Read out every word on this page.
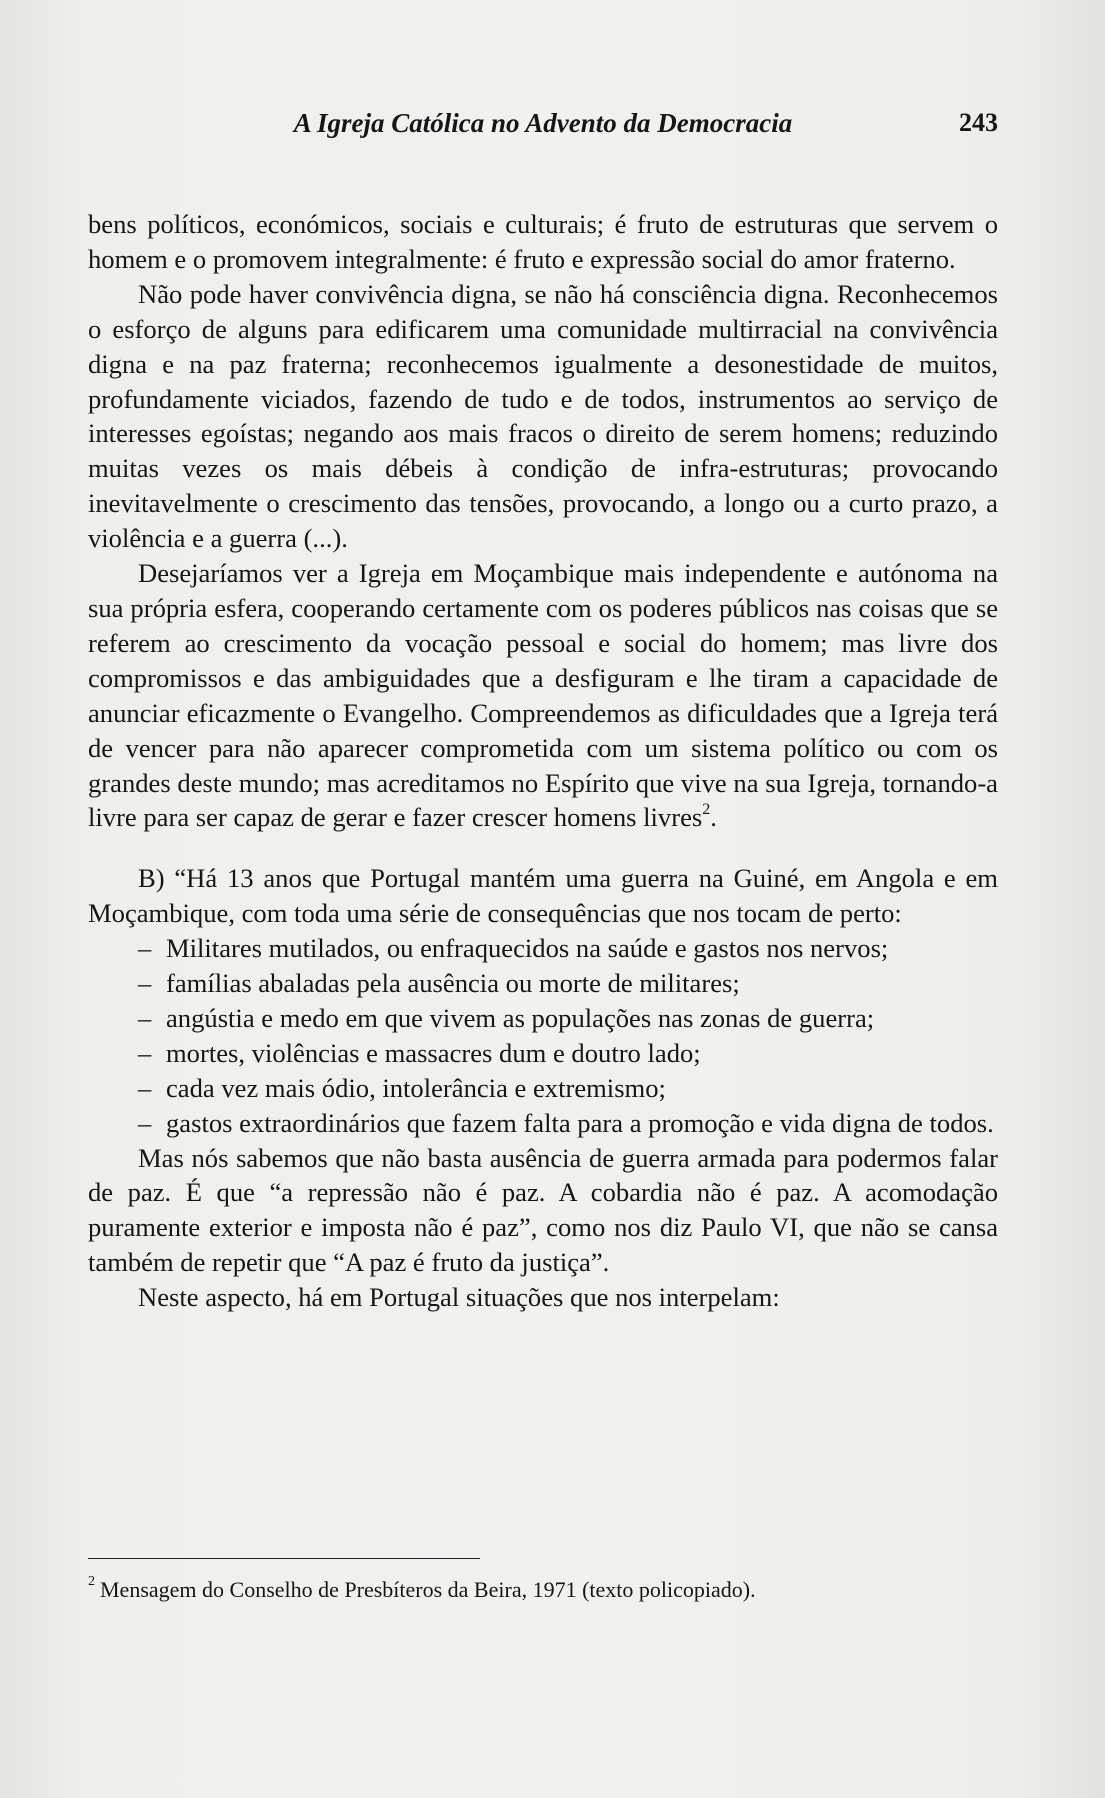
A Igreja Católica no Advento da Democracia	243

bens políticos, económicos, sociais e culturais; é fruto de estruturas que servem o homem e o promovem integralmente: é fruto e expressão social do amor fraterno.

Não pode haver convivência digna, se não há consciência digna. Reconhecemos o esforço de alguns para edificarem uma comunidade multirracial na convivência digna e na paz fraterna; reconhecemos igualmente a desonestidade de muitos, profundamente viciados, fazendo de tudo e de todos, instrumentos ao serviço de interesses egoístas; negando aos mais fracos o direito de serem homens; reduzindo muitas vezes os mais débeis à condição de infra-estruturas; provocando inevitavelmente o crescimento das tensões, provocando, a longo ou a curto prazo, a violência e a guerra (...).

Desejaríamos ver a Igreja em Moçambique mais independente e autónoma na sua própria esfera, cooperando certamente com os poderes públicos nas coisas que se referem ao crescimento da vocação pessoal e social do homem; mas livre dos compromissos e das ambiguidades que a desfiguram e lhe tiram a capacidade de anunciar eficazmente o Evangelho. Compreendemos as dificuldades que a Igreja terá de vencer para não aparecer comprometida com um sistema político ou com os grandes deste mundo; mas acreditamos no Espírito que vive na sua Igreja, tornando-a livre para ser capaz de gerar e fazer crescer homens livres$^2$.

B) “Há 13 anos que Portugal mantém uma guerra na Guiné, em Angola e em Moçambique, com toda uma série de consequências que nos tocam de perto:

– Militares mutilados, ou enfraquecidos na saúde e gastos nos nervos;
– famílias abaladas pela ausência ou morte de militares;
– angústia e medo em que vivem as populações nas zonas de guerra;
– mortes, violências e massacres dum e doutro lado;
– cada vez mais ódio, intolerância e extremismo;
– gastos extraordinários que fazem falta para a promoção e vida digna de todos.

Mas nós sabemos que não basta ausência de guerra armada para podermos falar de paz. É que “a repressão não é paz. A cobardia não é paz. A acomodação puramente exterior e imposta não é paz”, como nos diz Paulo VI, que não se cansa também de repetir que “A paz é fruto da justiça”.

Neste aspecto, há em Portugal situações que nos interpelam:

$^2$ Mensagem do Conselho de Presbíteros da Beira, 1971 (texto policopiado).
